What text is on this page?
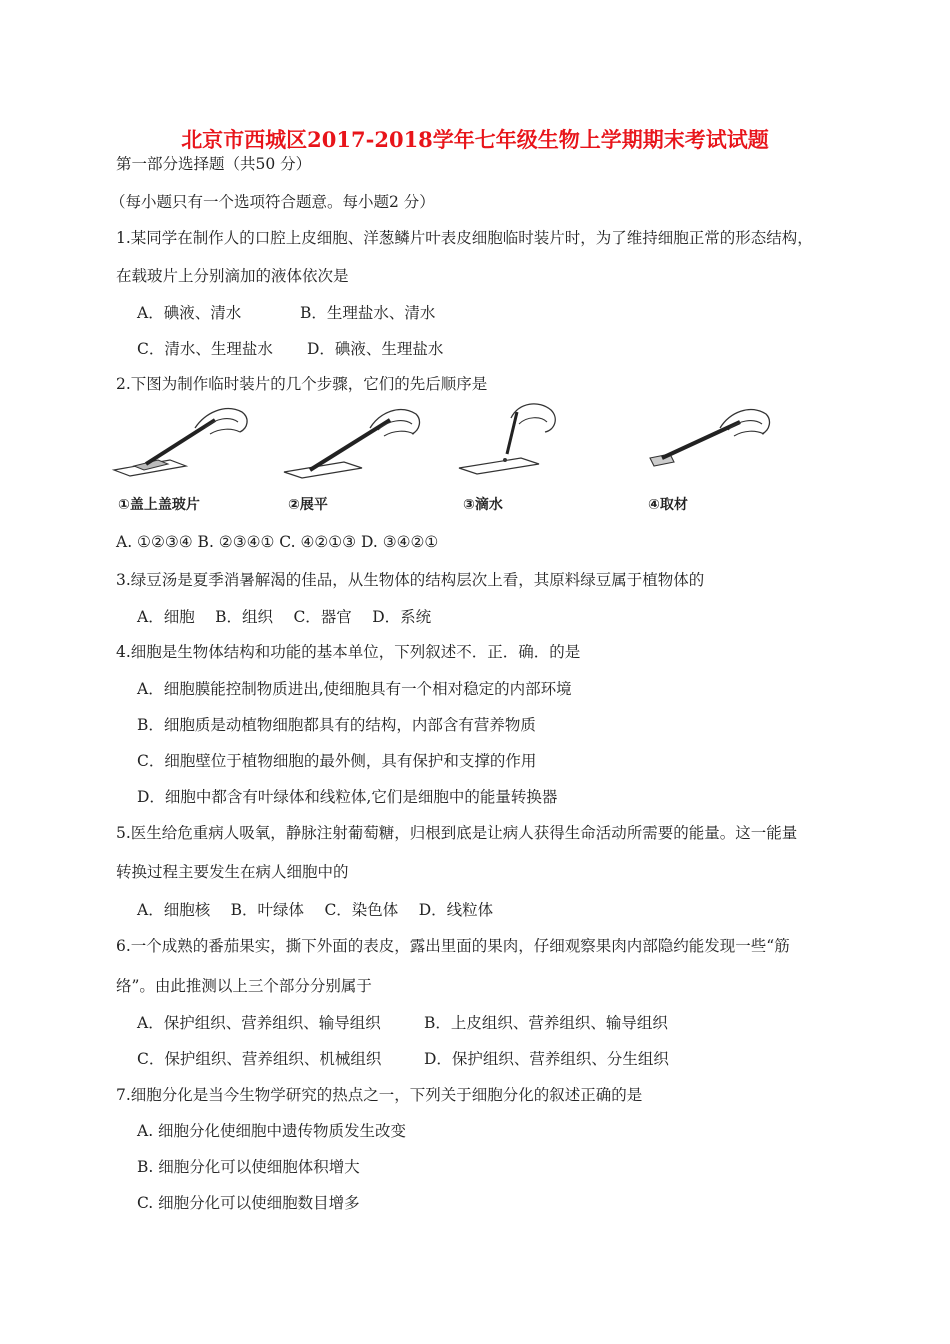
北京市西城区2017-2018学年七年级生物上学期期末考试试题
第一部分选择题（共50 分）
（每小题只有一个选项符合题意。每小题2 分）
1.某同学在制作人的口腔上皮细胞、洋葱鳞片叶表皮细胞临时装片时，为了维持细胞正常的形态结构，
在载玻片上分别滴加的液体依次是
A．碘液、清水	B．生理盐水、清水
C．清水、生理盐水 D．碘液、生理盐水
2.下图为制作临时装片的几个步骤，它们的先后顺序是
①盖上盖玻片	②展平	③滴水	④取材
A. ①②③④ B. ②③④① C. ④②①③ D. ③④②①
3.绿豆汤是夏季消暑解渴的佳品，从生物体的结构层次上看，其原料绿豆属于植物体的
A．细胞　 B．组织　 C．器官　 D．系统
4.细胞是生物体结构和功能的基本单位，下列叙述不．正．确．的是
A．细胞膜能控制物质进出,使细胞具有一个相对稳定的内部环境
B．细胞质是动植物细胞都具有的结构，内部含有营养物质
C．细胞壁位于植物细胞的最外侧，具有保护和支撑的作用
D．细胞中都含有叶绿体和线粒体,它们是细胞中的能量转换器
5.医生给危重病人吸氧，静脉注射葡萄糖，归根到底是让病人获得生命活动所需要的能量。这一能量
转换过程主要发生在病人细胞中的
A．细胞核　 B．叶绿体　 C．染色体　 D．线粒体
6.一个成熟的番茄果实，撕下外面的表皮，露出里面的果肉，仔细观察果肉内部隐约能发现一些“筋
络”。由此推测以上三个部分分别属于
A．保护组织、营养组织、输导组织	B．上皮组织、营养组织、输导组织
C．保护组织、营养组织、机械组织	D．保护组织、营养组织、分生组织
7.细胞分化是当今生物学研究的热点之一，下列关于细胞分化的叙述正确的是
A. 细胞分化使细胞中遗传物质发生改变
B. 细胞分化可以使细胞体积增大
C. 细胞分化可以使细胞数目增多
